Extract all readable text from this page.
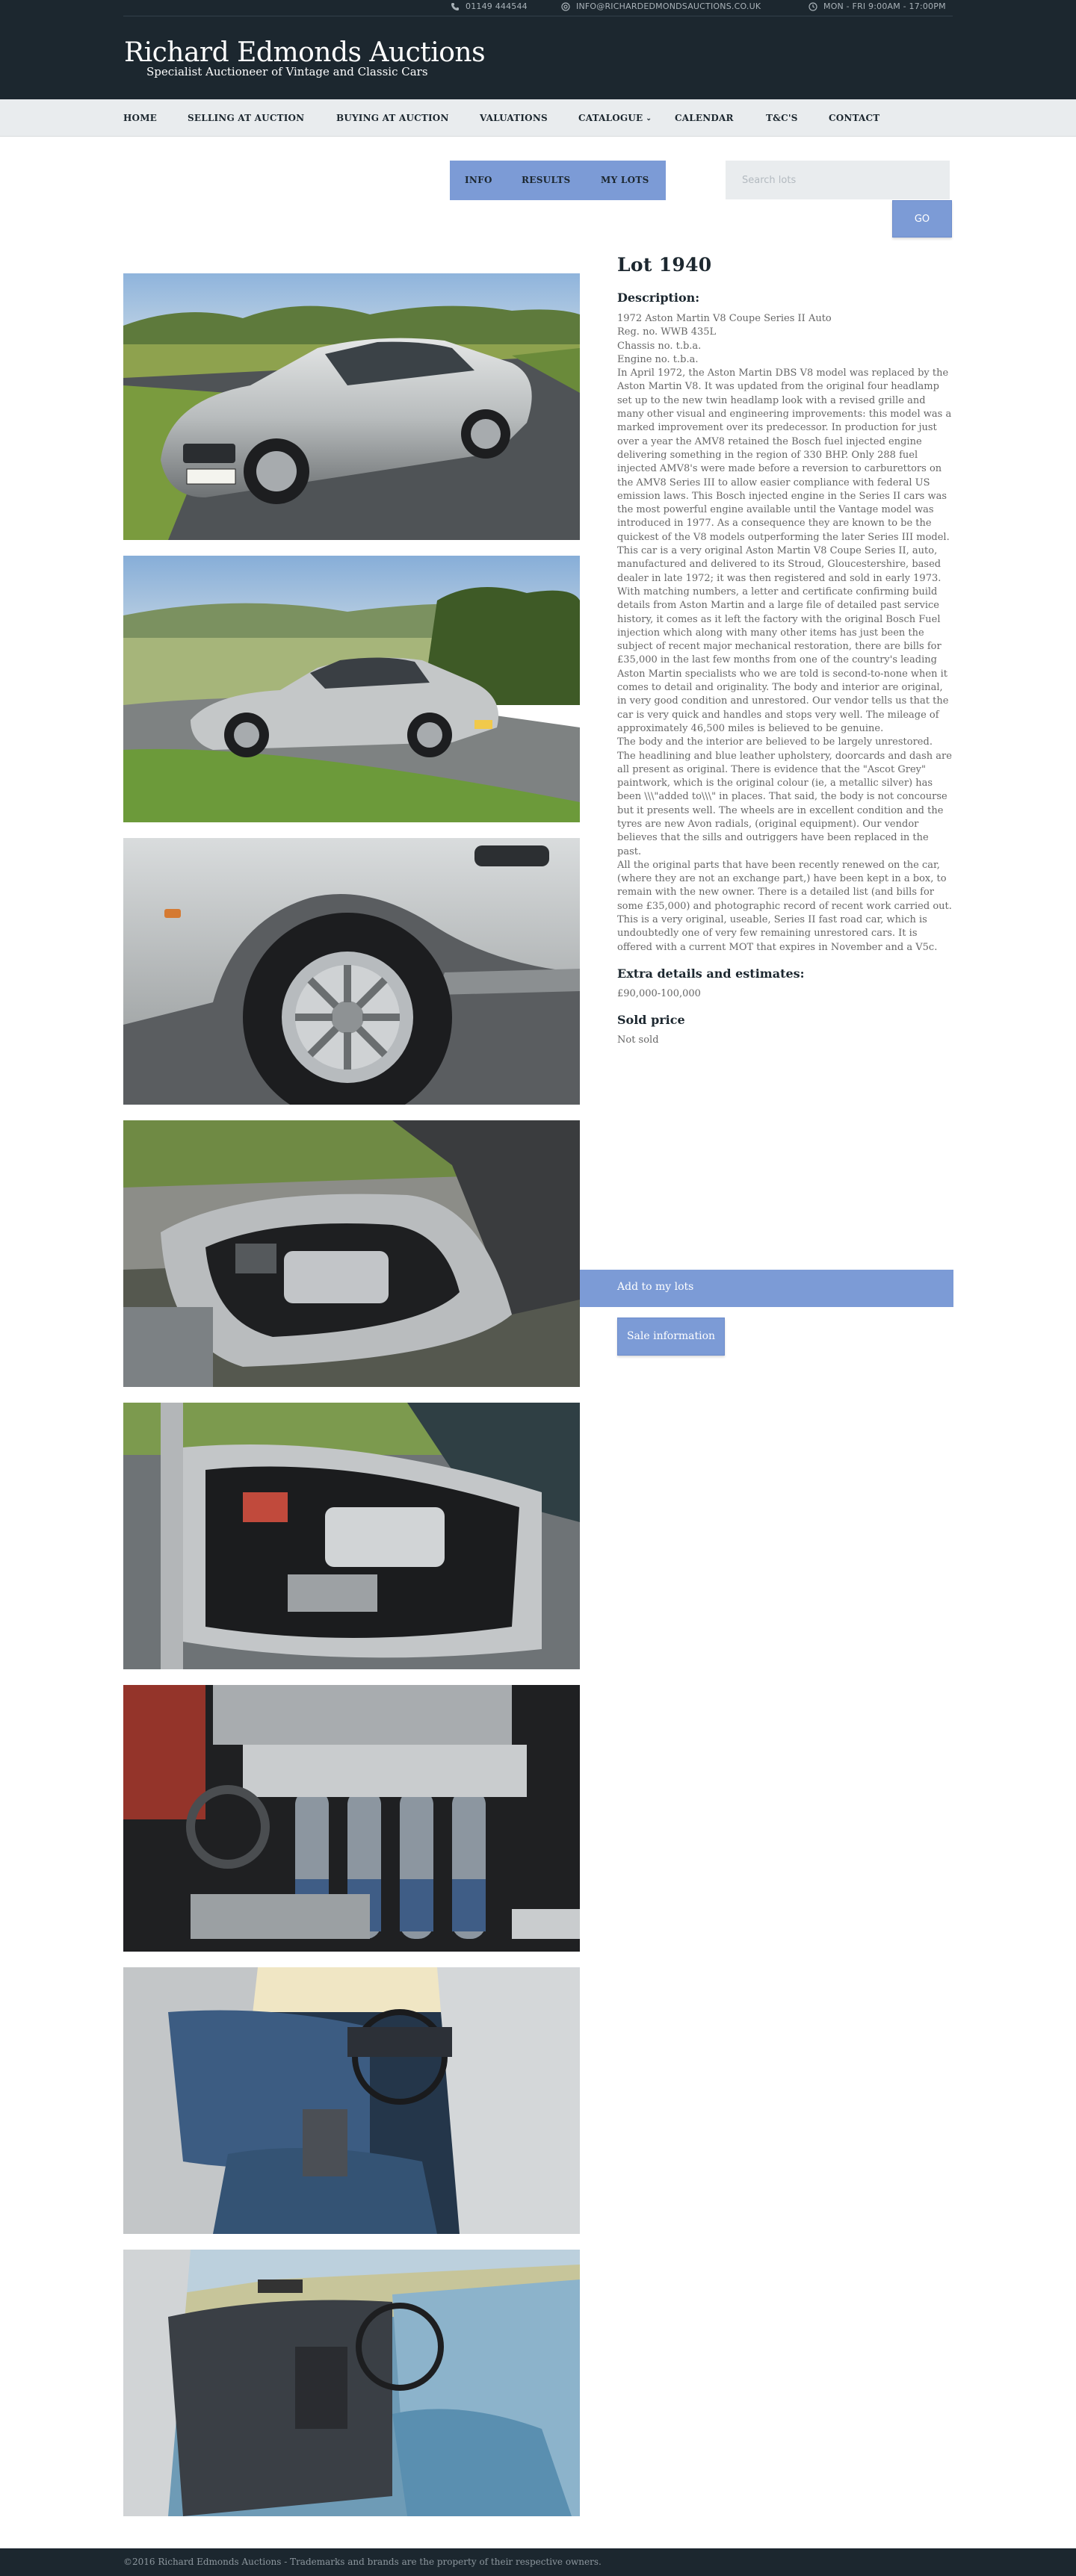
01149 444544	INFO@RICHARDEDMONDSAUCTIONS.CO.UK	MON - FRI 9:00AM - 17:00PM
Richard Edmonds Auctions
Specialist Auctioneer of Vintage and Classic Cars
HOME	SELLING AT AUCTION	BUYING AT AUCTION	VALUATIONS	CATALOGUE ⌄	CALENDAR	T&C'S	CONTACT
INFO	RESULTS	MY LOTS
Search lots
GO
Lot 1940
Description:

1972 Aston Martin V8 Coupe Series II Auto

Reg. no. WWB 435L

Chassis no. t.b.a.

Engine no. t.b.a.

In April 1972, the Aston Martin DBS V8 model was replaced by the Aston Martin V8. It was updated from the original four headlamp set up to the new twin headlamp look with a revised grille and many other visual and engineering improvements: this model was a marked improvement over its predecessor. In production for just over a year the AMV8 retained the Bosch fuel injected engine delivering something in the region of 330 BHP. Only 288 fuel injected AMV8's were made before a reversion to carburettors on the AMV8 Series III to allow easier compliance with federal US emission laws. This Bosch injected engine in the Series II cars was the most powerful engine available until the Vantage model was introduced in 1977. As a consequence they are known to be the quickest of the V8 models outperforming the later Series III model.

This car is a very original Aston Martin V8 Coupe Series II, auto, manufactured and delivered to its Stroud, Gloucestershire, based dealer in late 1972; it was then registered and sold in early 1973. With matching numbers, a letter and certificate confirming build details from Aston Martin and a large file of detailed past service history, it comes as it left the factory with the original Bosch Fuel injection which along with many other items has just been the subject of recent major mechanical restoration, there are bills for £35,000 in the last few months from one of the country's leading Aston Martin specialists who we are told is second-to-none when it comes to detail and originality. The body and interior are original, in very good condition and unrestored. Our vendor tells us that the car is very quick and handles and stops very well. The mileage of approximately 46,500 miles is believed to be genuine.

The body and the interior are believed to be largely unrestored. The headlining and blue leather upholstery, doorcards and dash are all present as original. There is evidence that the "Ascot Grey" paintwork, which is the original colour (ie, a metallic silver) has been \\\"added to\\\" in places. That said, the body is not concourse but it presents well. The wheels are in excellent condition and the tyres are new Avon radials, (original equipment). Our vendor believes that the sills and outriggers have been replaced in the past.

All the original parts that have been recently renewed on the car, (where they are not an exchange part,) have been kept in a box, to remain with the new owner. There is a detailed list (and bills for some £35,000) and photographic record of recent work carried out.

This is a very original, useable, Series II fast road car, which is undoubtedly one of very few remaining unrestored cars. It is offered with a current MOT that expires in November and a V5c.

Extra details and estimates:
£90,000-100,000
Sold price
Not sold
Add to my lots
Sale information
©2016 Richard Edmonds Auctions - Trademarks and brands are the property of their respective owners.
